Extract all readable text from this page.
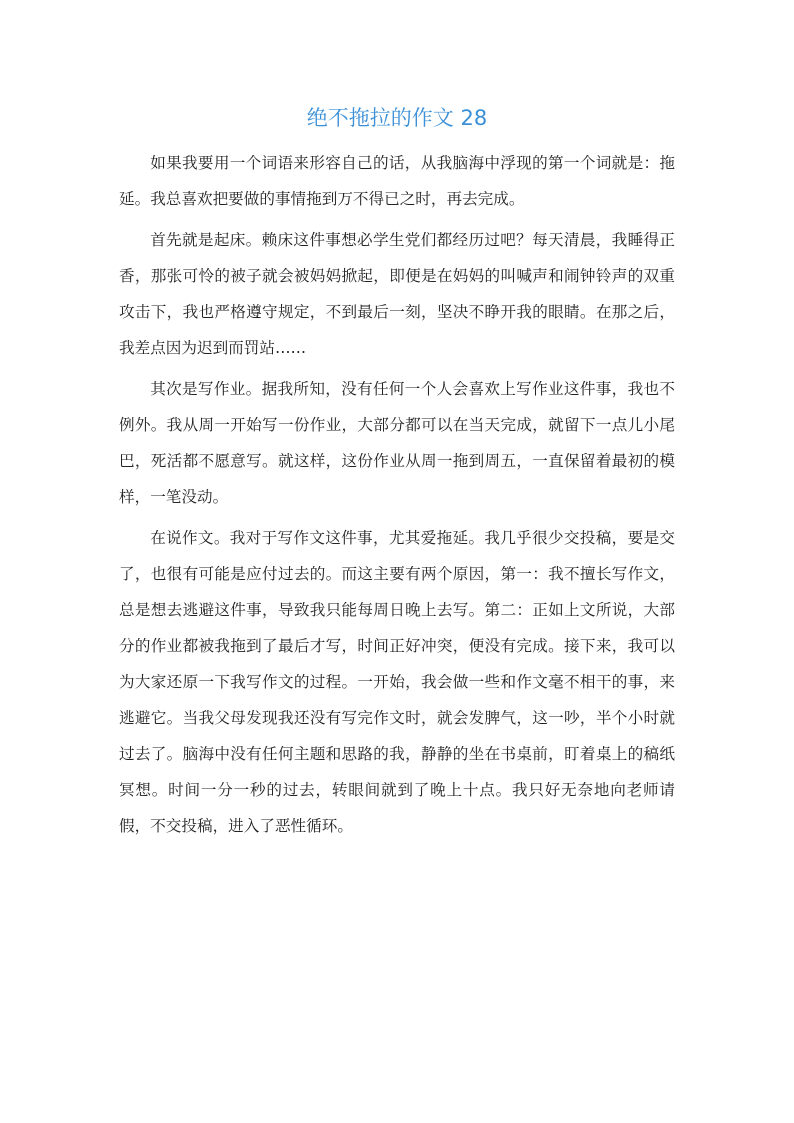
绝不拖拉的作文 28

如果我要用一个词语来形容自己的话，从我脑海中浮现的第一个词就是：拖延。我总喜欢把要做的事情拖到万不得已之时，再去完成。

首先就是起床。赖床这件事想必学生党们都经历过吧？每天清晨，我睡得正香，那张可怜的被子就会被妈妈掀起，即便是在妈妈的叫喊声和闹钟铃声的双重攻击下，我也严格遵守规定，不到最后一刻，坚决不睁开我的眼睛。在那之后，我差点因为迟到而罚站……

其次是写作业。据我所知，没有任何一个人会喜欢上写作业这件事，我也不例外。我从周一开始写一份作业，大部分都可以在当天完成，就留下一点儿小尾巴，死活都不愿意写。就这样，这份作业从周一拖到周五，一直保留着最初的模样，一笔没动。

在说作文。我对于写作文这件事，尤其爱拖延。我几乎很少交投稿，要是交了，也很有可能是应付过去的。而这主要有两个原因，第一：我不擅长写作文，总是想去逃避这件事，导致我只能每周日晚上去写。第二：正如上文所说，大部分的作业都被我拖到了最后才写，时间正好冲突，便没有完成。接下来，我可以为大家还原一下我写作文的过程。一开始，我会做一些和作文毫不相干的事，来逃避它。当我父母发现我还没有写完作文时，就会发脾气，这一吵，半个小时就过去了。脑海中没有任何主题和思路的我，静静的坐在书桌前，盯着桌上的稿纸冥想。时间一分一秒的过去，转眼间就到了晚上十点。我只好无奈地向老师请假，不交投稿，进入了恶性循环。
